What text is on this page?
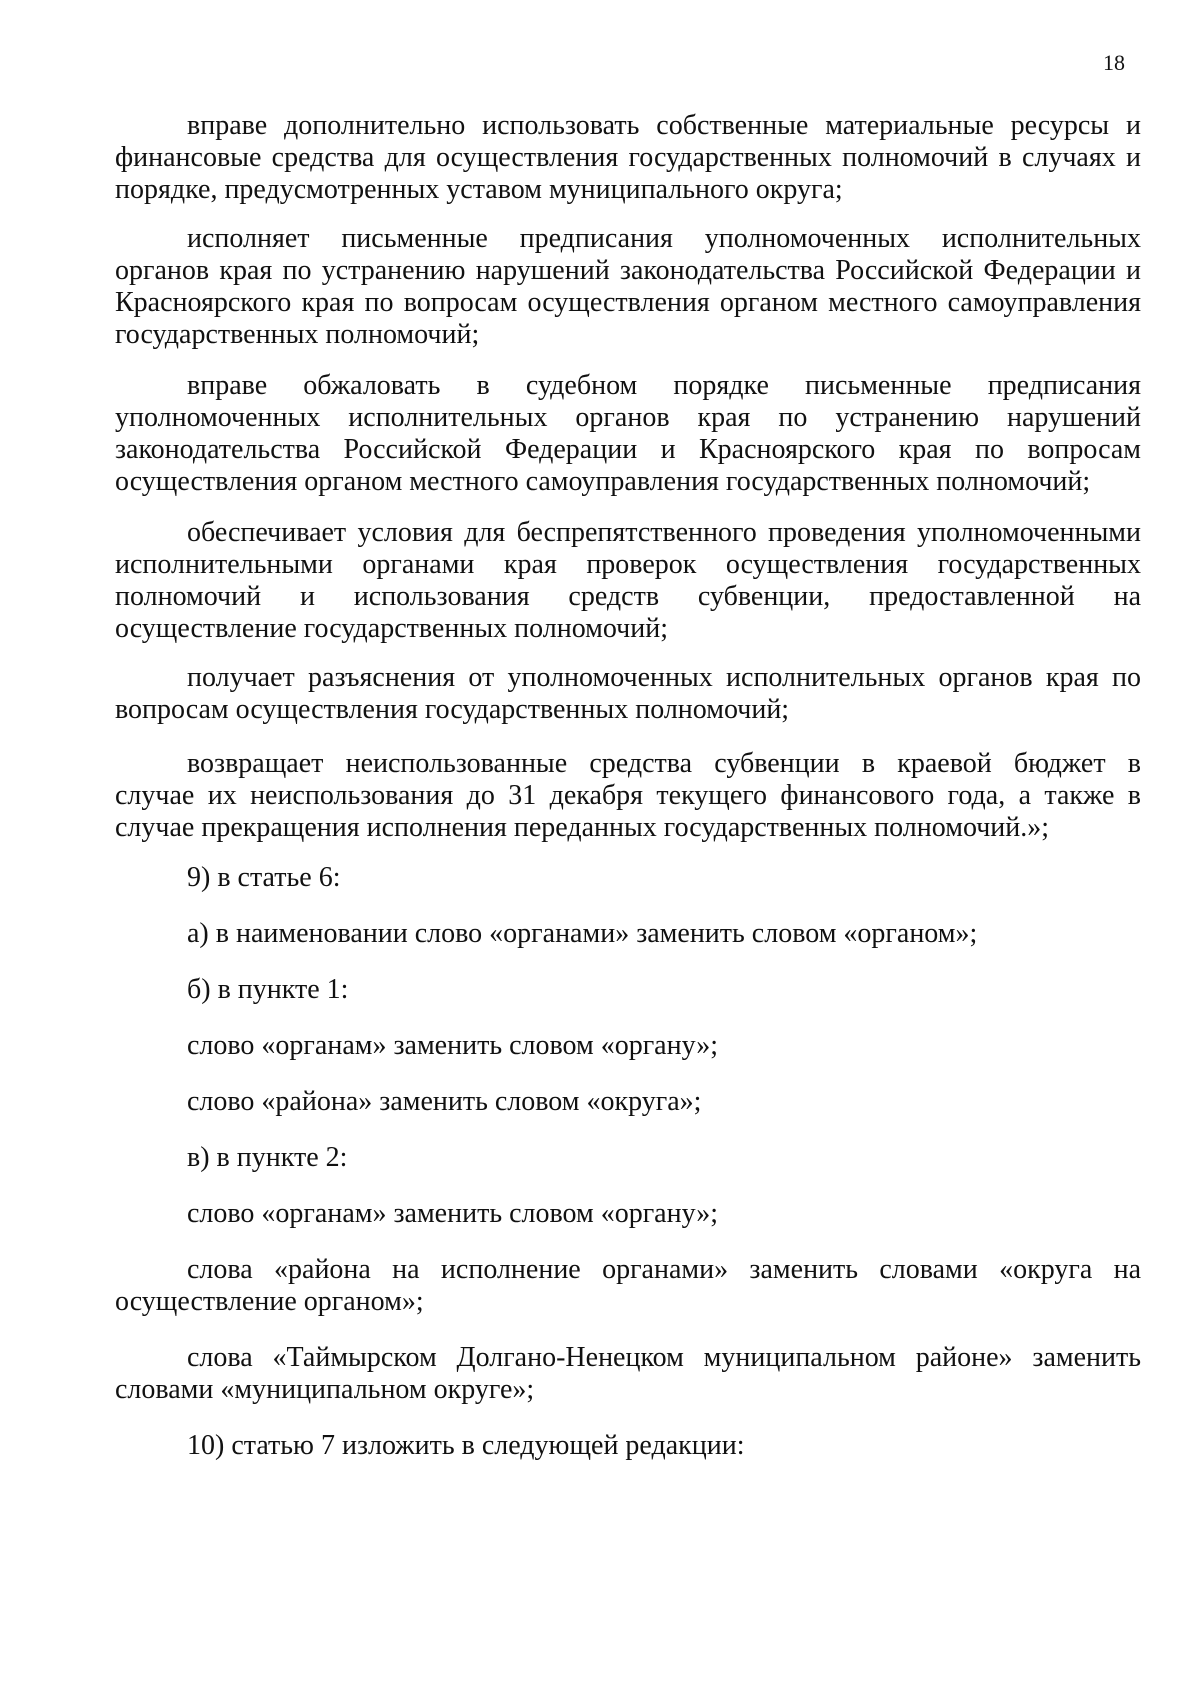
18
вправе дополнительно использовать собственные материальные ресурсы и
финансовые средства для осуществления государственных полномочий в случаях и
порядке, предусмотренных уставом муниципального округа;
исполняет письменные предписания уполномоченных исполнительных
органов края по устранению нарушений законодательства Российской Федерации и
Красноярского края по вопросам осуществления органом местного самоуправления
государственных полномочий;
вправе обжаловать в судебном порядке письменные предписания
уполномоченных исполнительных органов края по устранению нарушений
законодательства Российской Федерации и Красноярского края по вопросам
осуществления органом местного самоуправления государственных полномочий;
обеспечивает условия для беспрепятственного проведения уполномоченными
исполнительными органами края проверок осуществления государственных
полномочий и использования средств субвенции, предоставленной на
осуществление государственных полномочий;
получает разъяснения от уполномоченных исполнительных органов края по
вопросам осуществления государственных полномочий;
возвращает неиспользованные средства субвенции в краевой бюджет в
случае их неиспользования до 31 декабря текущего финансового года, а также в
случае прекращения исполнения переданных государственных полномочий.»;
9) в статье 6:
а) в наименовании слово «органами» заменить словом «органом»;
б) в пункте 1:
слово «органам» заменить словом «органу»;
слово «района» заменить словом «округа»;
в) в пункте 2:
слово «органам» заменить словом «органу»;
слова «района на исполнение органами» заменить словами «округа на
осуществление органом»;
слова «Таймырском Долгано-Ненецком муниципальном районе» заменить
словами «муниципальном округе»;
10) статью 7 изложить в следующей редакции:
